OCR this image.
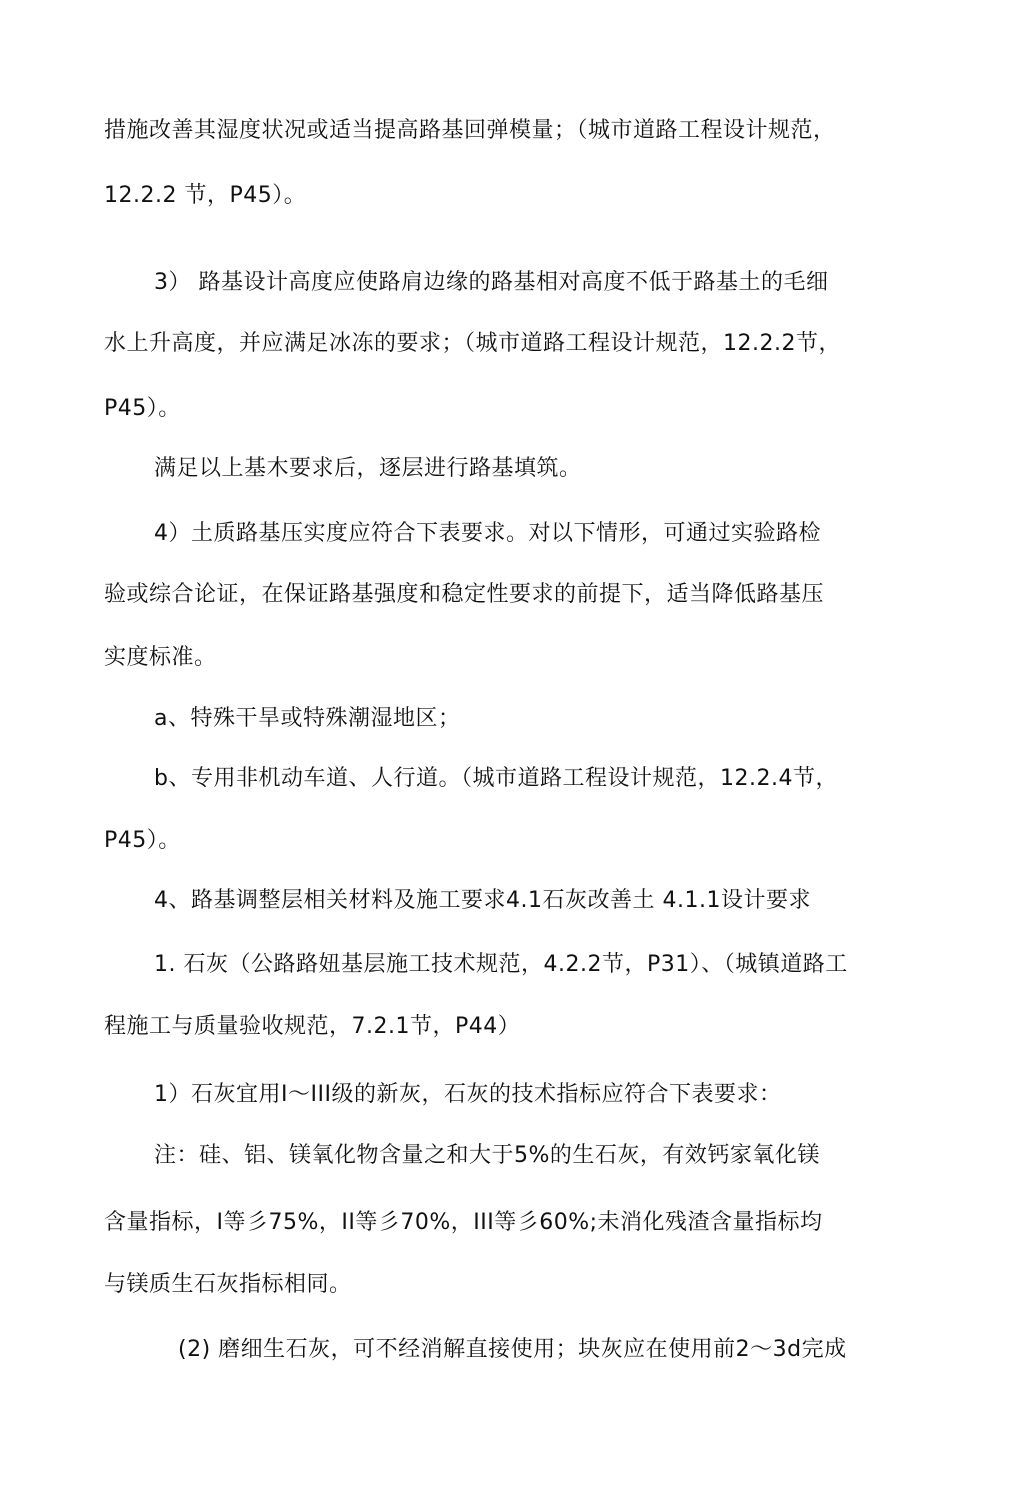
措施改善其湿度状况或适当提高路基回弹模量；（城市道路工程设计规范，
12.2.2 节，P45）。
3） 路基设计高度应使路肩边缘的路基相对高度不低于路基土的毛细
水上升高度，并应满足冰冻的要求；（城市道路工程设计规范，12.2.2节，
P45）。
满足以上基木要求后，逐层进行路基填筑。
4）土质路基压实度应符合下表要求。对以下情形，可通过实验路检
验或综合论证，在保证路基强度和稳定性要求的前提下，适当降低路基压
实度标准。
a、特殊干旱或特殊潮湿地区；
b、专用非机动车道、人行道。（城市道路工程设计规范，12.2.4节，
P45）。
4、路基调整层相关材料及施工要求4.1石灰改善土 4.1.1设计要求
1. 石灰（公路路妞基层施工技术规范，4.2.2节，P31）、（城镇道路工
程施工与质量验收规范，7.2.1节，P44）
1）石灰宜用I～III级的新灰，石灰的技术指标应符合下表要求：
注：硅、铝、镁氧化物含量之和大于5%的生石灰，有效钙家氧化镁
含量指标，I等彡75%，II等彡70%，III等彡60%;未消化残渣含量指标均
与镁质生石灰指标相同。
(2) 磨细生石灰，可不经消解直接使用；块灰应在使用前2～3d完成
